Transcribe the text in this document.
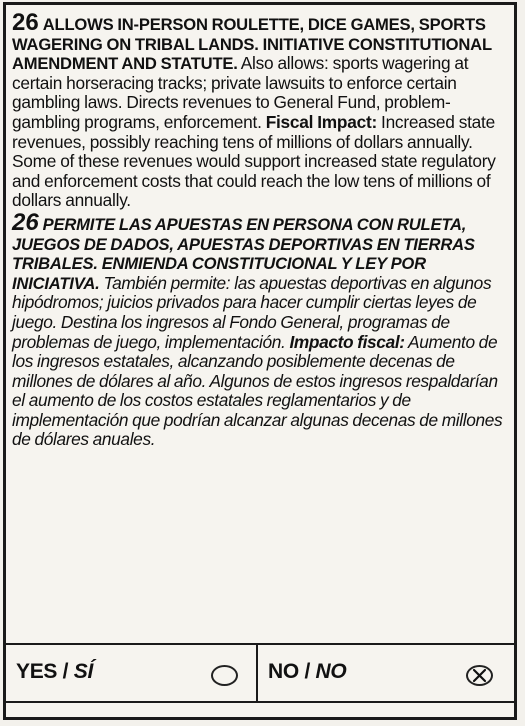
26 ALLOWS IN-PERSON ROULETTE, DICE GAMES, SPORTS WAGERING ON TRIBAL LANDS. INITIATIVE CONSTITUTIONAL AMENDMENT AND STATUTE. Also allows: sports wagering at certain horseracing tracks; private lawsuits to enforce certain gambling laws. Directs revenues to General Fund, problem-gambling programs, enforcement. Fiscal Impact: Increased state revenues, possibly reaching tens of millions of dollars annually. Some of these revenues would support increased state regulatory and enforcement costs that could reach the low tens of millions of dollars annually.
26 PERMITE LAS APUESTAS EN PERSONA CON RULETA, JUEGOS DE DADOS, APUESTAS DEPORTIVAS EN TIERRAS TRIBALES. ENMIENDA CONSTITUCIONAL Y LEY POR INICIATIVA. También permite: las apuestas deportivas en algunos hipódromos; juicios privados para hacer cumplir ciertas leyes de juego. Destina los ingresos al Fondo General, programas de problemas de juego, implementación. Impacto fiscal: Aumento de los ingresos estatales, alcanzando posiblemente decenas de millones de dólares al año. Algunos de estos ingresos respaldarían el aumento de los costos estatales reglamentarios y de implementación que podrían alcanzar algunas decenas de millones de dólares anuales.
YES / SÍ	NO / NO
